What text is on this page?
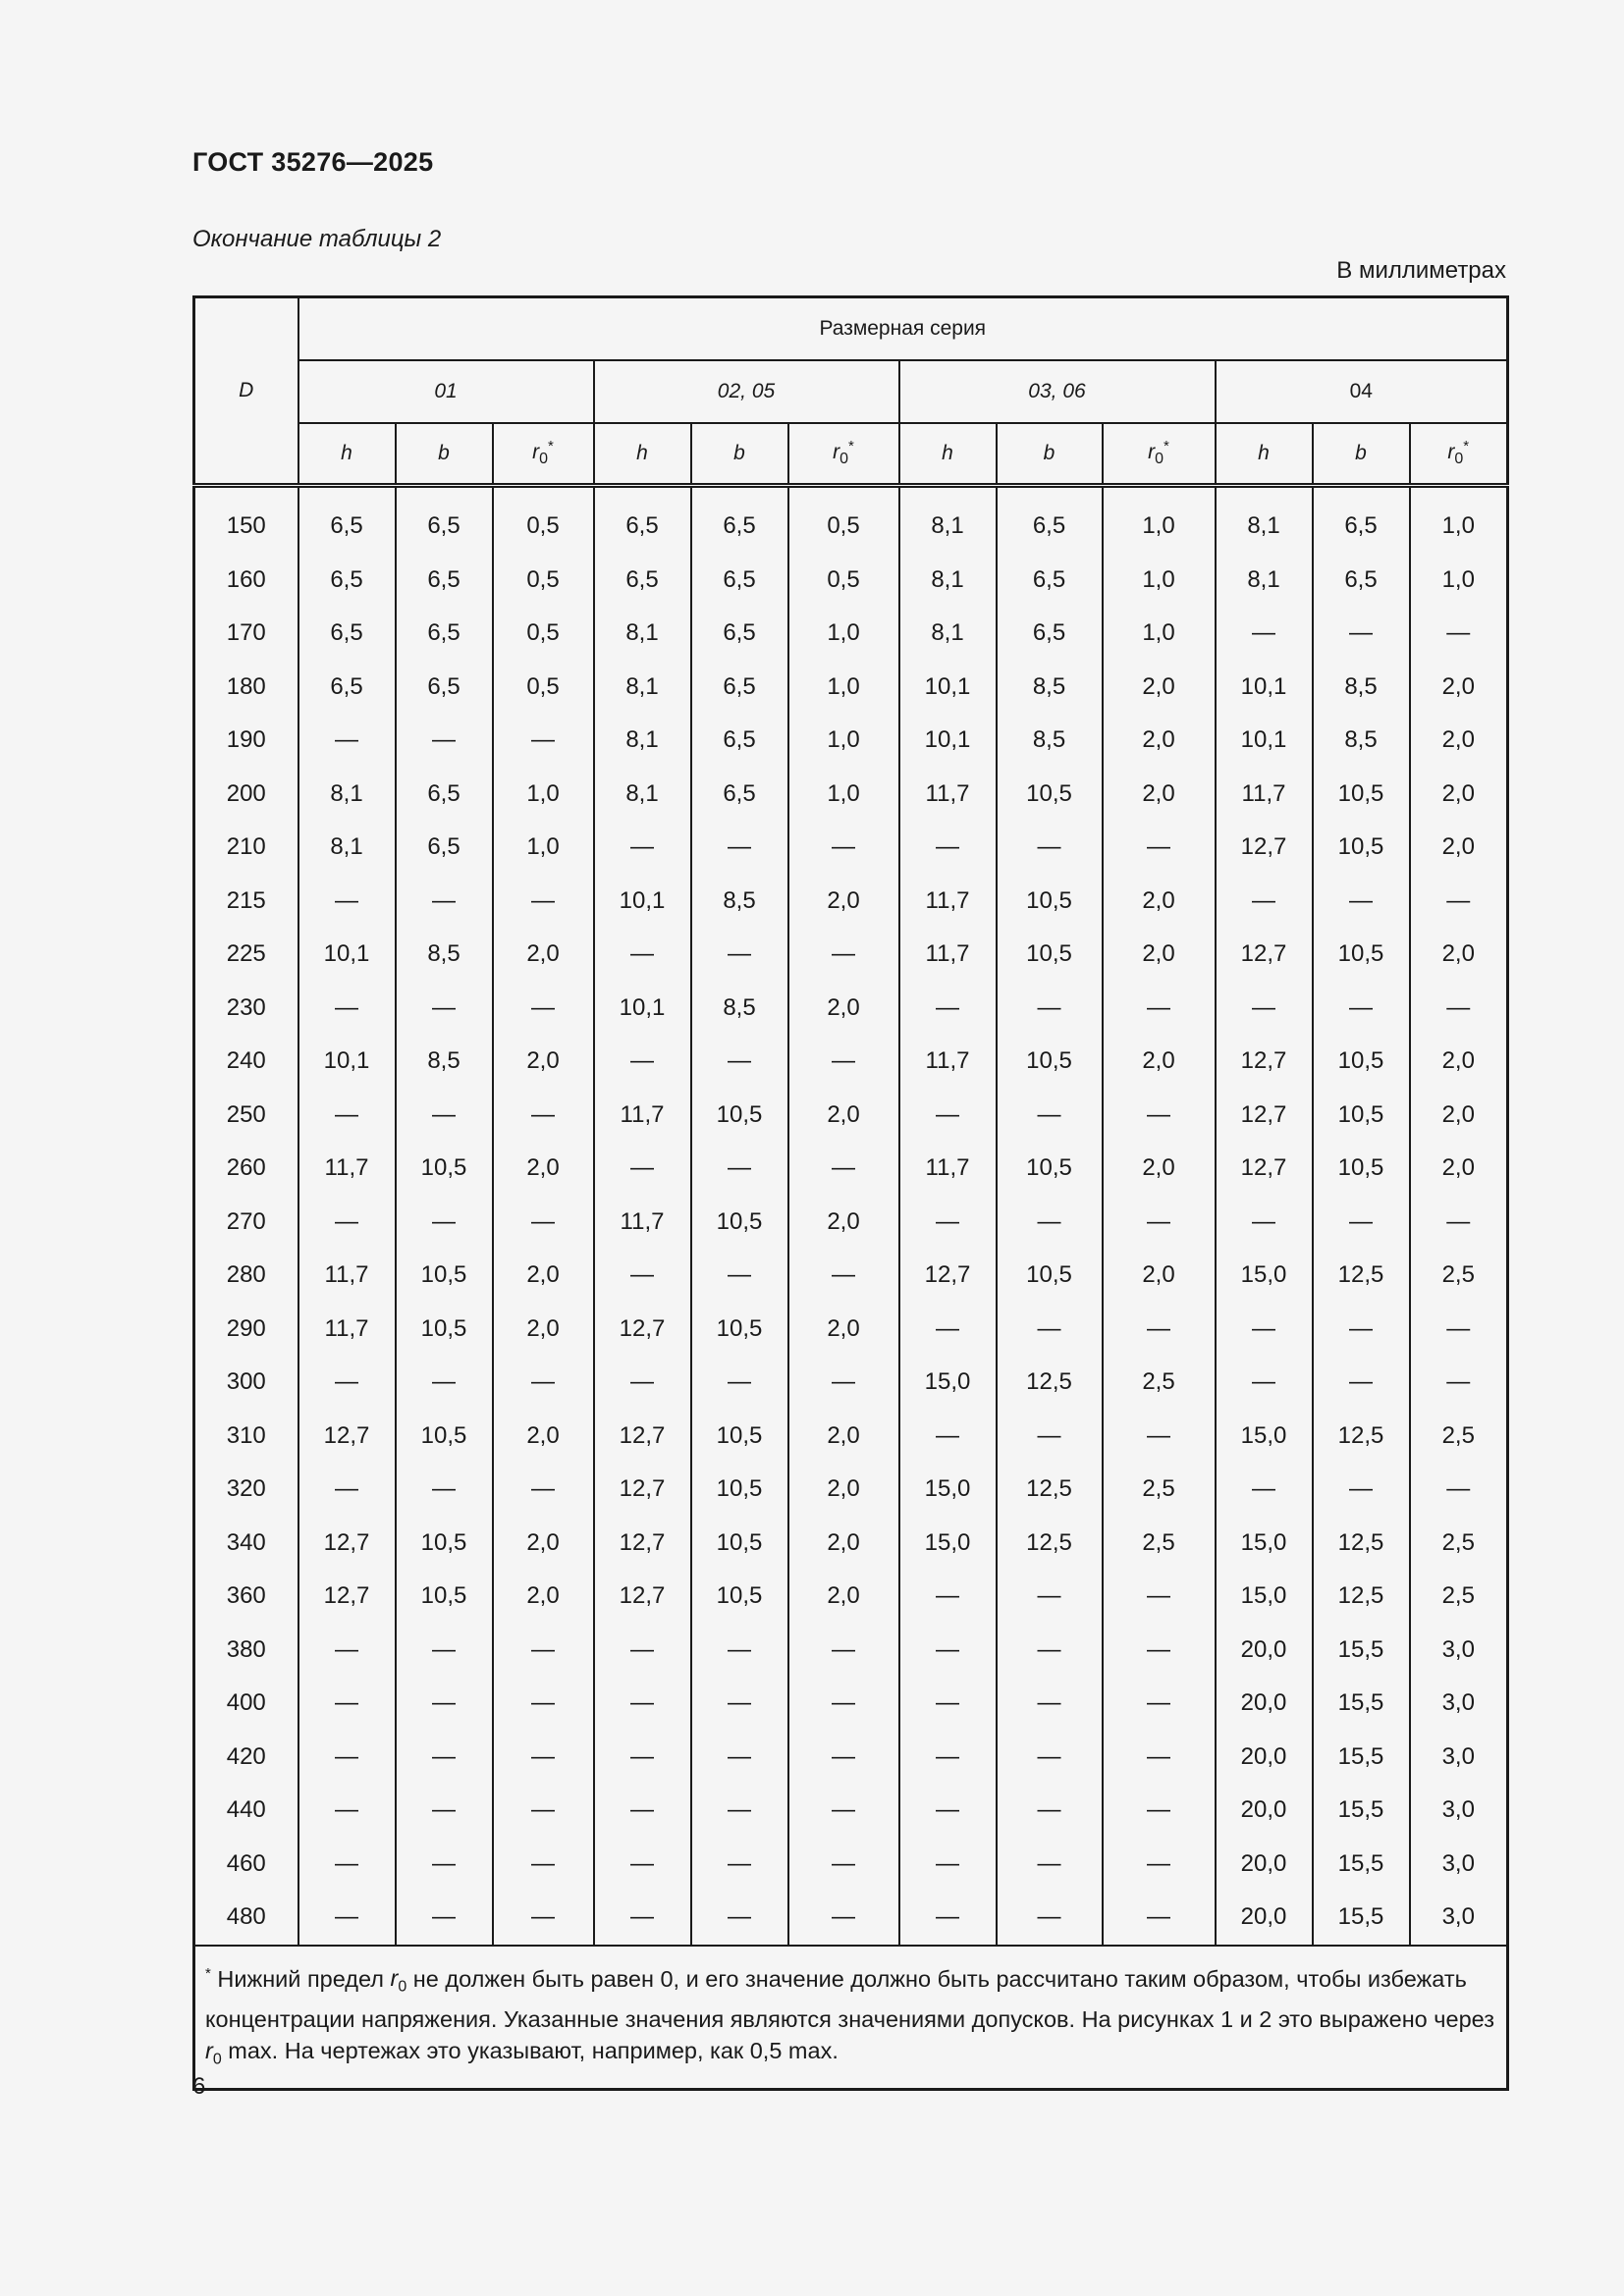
ГОСТ 35276—2025
Окончание таблицы 2
В миллиметрах
D	Размерная серия											
	01			02, 05			03, 06			04		
	h	b	$r_0^*$	h	b	$r_0^*$	h	b	$r_0^*$	h	b	$r_0^*$
150	6,5	6,5	0,5	6,5	6,5	0,5	8,1	6,5	1,0	8,1	6,5	1,0
160	6,5	6,5	0,5	6,5	6,5	0,5	8,1	6,5	1,0	8,1	6,5	1,0
170	6,5	6,5	0,5	8,1	6,5	1,0	8,1	6,5	1,0	—	—	—
180	6,5	6,5	0,5	8,1	6,5	1,0	10,1	8,5	2,0	10,1	8,5	2,0
190	—	—	—	8,1	6,5	1,0	10,1	8,5	2,0	10,1	8,5	2,0
200	8,1	6,5	1,0	8,1	6,5	1,0	11,7	10,5	2,0	11,7	10,5	2,0
210	8,1	6,5	1,0	—	—	—	—	—	—	12,7	10,5	2,0
215	—	—	—	10,1	8,5	2,0	11,7	10,5	2,0	—	—	—
225	10,1	8,5	2,0	—	—	—	11,7	10,5	2,0	12,7	10,5	2,0
230	—	—	—	10,1	8,5	2,0	—	—	—	—	—	—
240	10,1	8,5	2,0	—	—	—	11,7	10,5	2,0	12,7	10,5	2,0
250	—	—	—	11,7	10,5	2,0	—	—	—	12,7	10,5	2,0
260	11,7	10,5	2,0	—	—	—	11,7	10,5	2,0	12,7	10,5	2,0
270	—	—	—	11,7	10,5	2,0	—	—	—	—	—	—
280	11,7	10,5	2,0	—	—	—	12,7	10,5	2,0	15,0	12,5	2,5
290	11,7	10,5	2,0	12,7	10,5	2,0	—	—	—	—	—	—
300	—	—	—	—	—	—	15,0	12,5	2,5	—	—	—
310	12,7	10,5	2,0	12,7	10,5	2,0	—	—	—	15,0	12,5	2,5
320	—	—	—	12,7	10,5	2,0	15,0	12,5	2,5	—	—	—
340	12,7	10,5	2,0	12,7	10,5	2,0	15,0	12,5	2,5	15,0	12,5	2,5
360	12,7	10,5	2,0	12,7	10,5	2,0	—	—	—	15,0	12,5	2,5
380	—	—	—	—	—	—	—	—	—	20,0	15,5	3,0
400	—	—	—	—	—	—	—	—	—	20,0	15,5	3,0
420	—	—	—	—	—	—	—	—	—	20,0	15,5	3,0
440	—	—	—	—	—	—	—	—	—	20,0	15,5	3,0
460	—	—	—	—	—	—	—	—	—	20,0	15,5	3,0
480	—	—	—	—	—	—	—	—	—	20,0	15,5	3,0
* Нижний предел $r_0$ не должен быть равен 0, и его значение должно быть рассчитано таким образом, чтобы избежать концентрации напряжения. Указанные значения являются значениями допусков. На рисунках 1 и 2 это выражено через $r_0$ max. На чертежах это указывают, например, как 0,5 max.												
6
